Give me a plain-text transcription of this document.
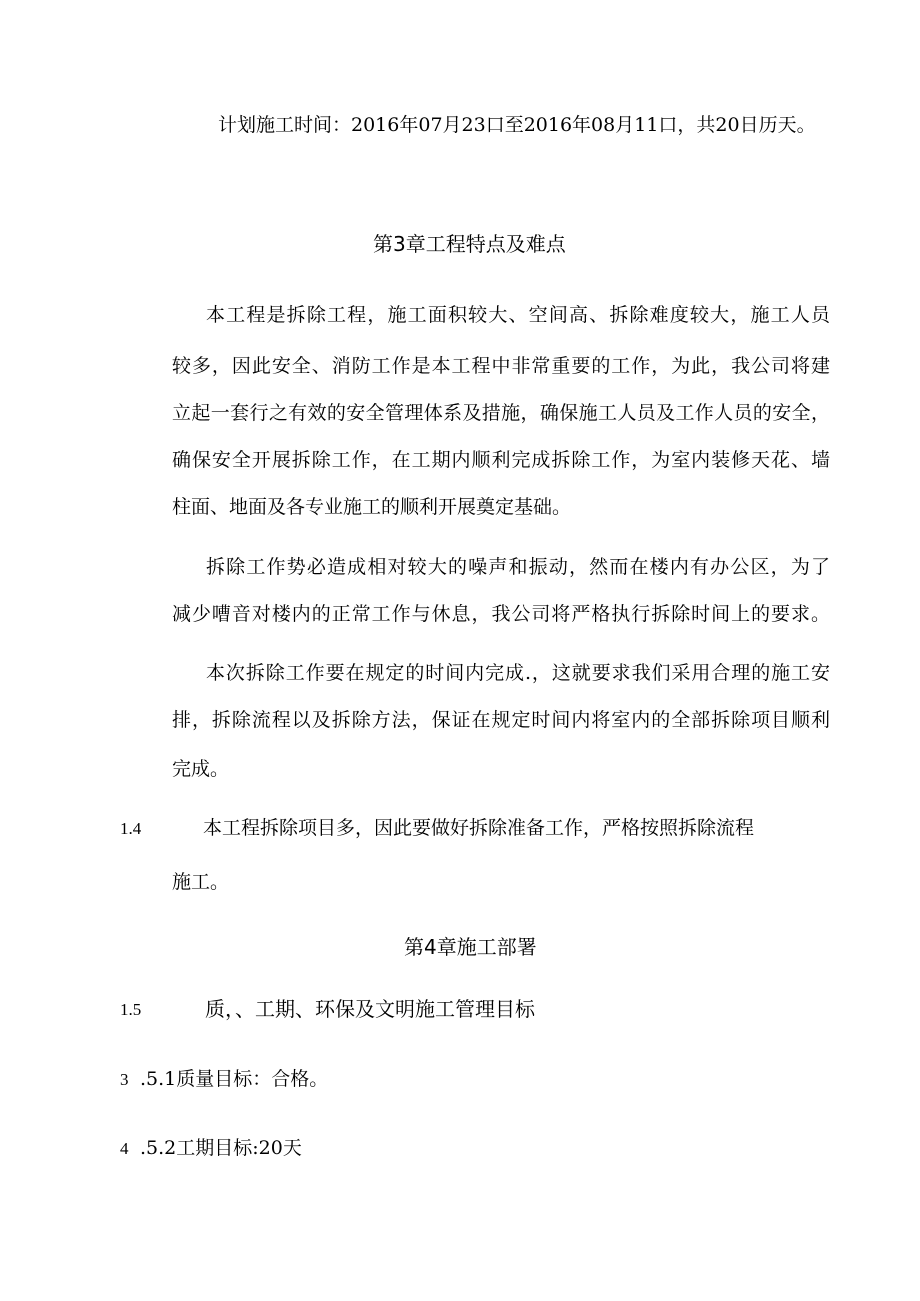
计划施工时间：2016年07月23口至2016年08月11口，共20日历天。
第3章工程特点及难点
本工程是拆除工程，施工面积较大、空间高、拆除难度较大，施工人员
较多，因此安全、消防工作是本工程中非常重要的工作，为此，我公司将建
立起一套行之有效的安全管理体系及措施，确保施工人员及工作人员的安全，
确保安全开展拆除工作，在工期内顺利完成拆除工作，为室内装修天花、墙
柱面、地面及各专业施工的顺利开展奠定基础。
拆除工作势必造成相对较大的噪声和振动，然而在楼内有办公区，为了
减少嘈音对楼内的正常工作与休息，我公司将严格执行拆除时间上的要求。
本次拆除工作要在规定的时间内完成.，这就要求我们采用合理的施工安
排，拆除流程以及拆除方法，保证在规定时间内将室内的全部拆除项目顺利
完成。
1.4	本工程拆除项目多，因此要做好拆除准备工作，严格按照拆除流程
施工。
第4章施工部署
1.5	质，、工期、环保及文明施工管理目标
3 .5.1质量目标：合格。
4 .5.2工期目标:20天
